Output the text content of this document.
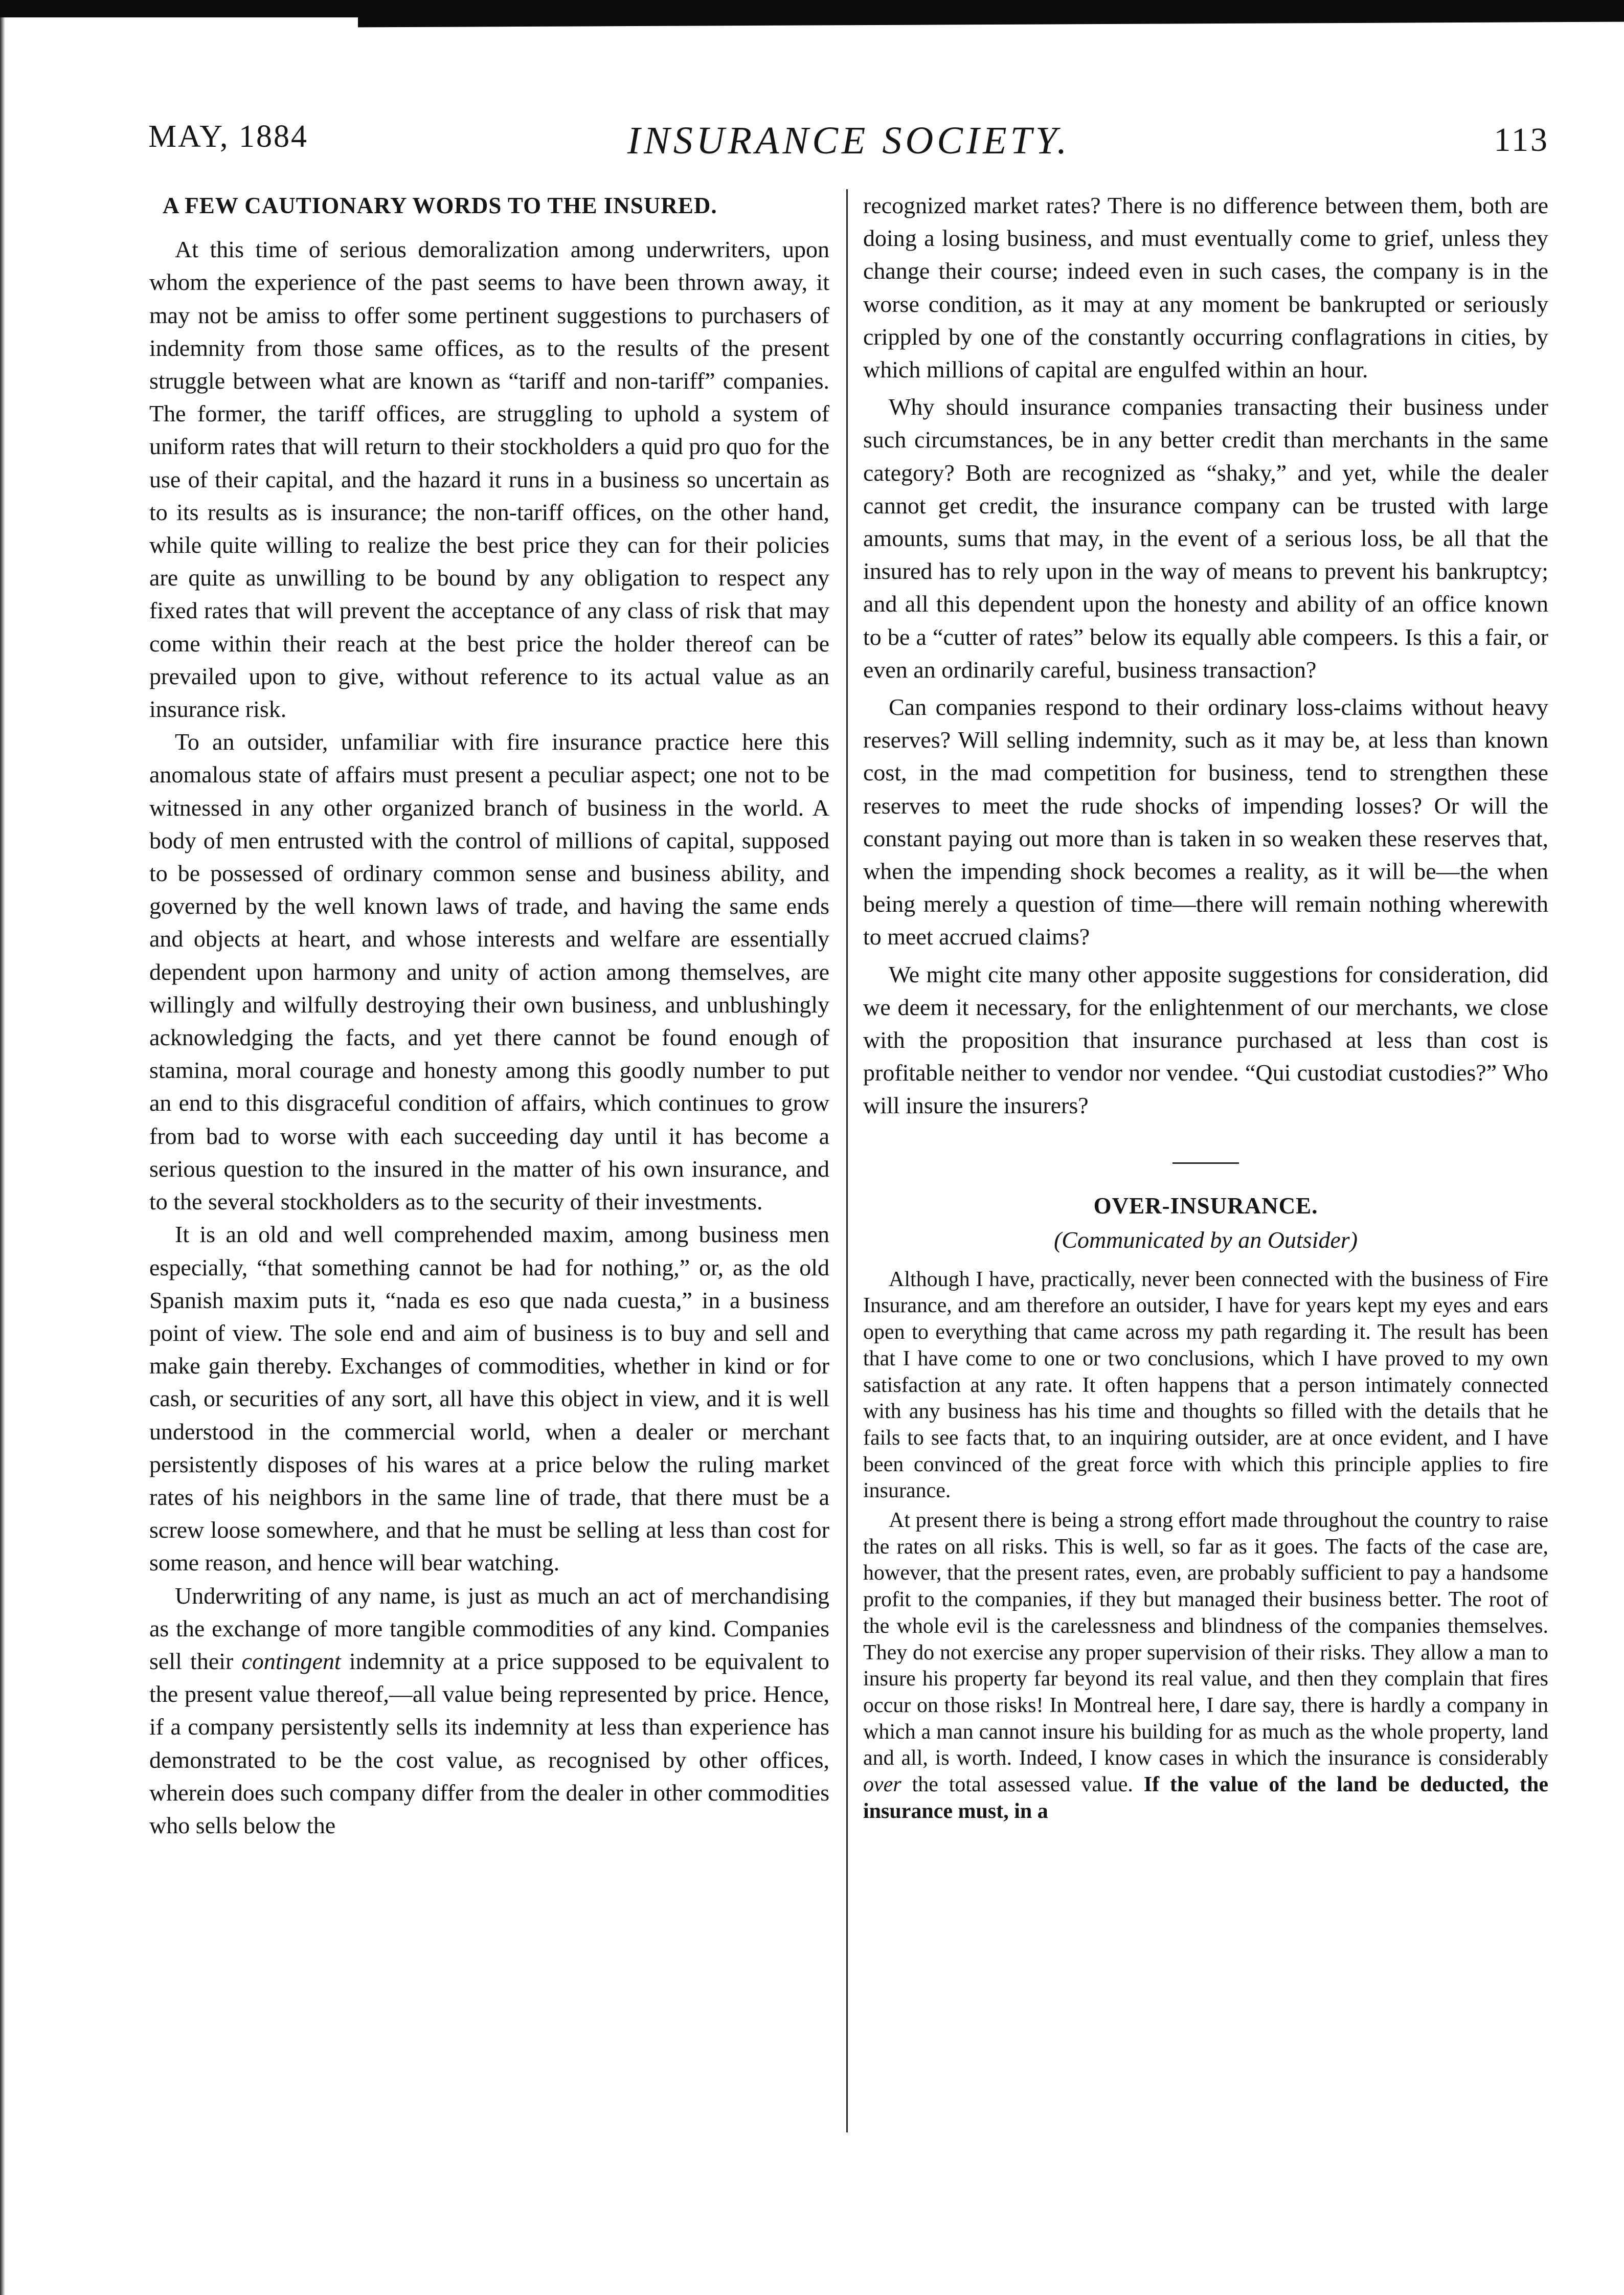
MAY, 1884	INSURANCE SOCIETY.	113
A FEW CAUTIONARY WORDS TO THE INSURED.

At this time of serious demoralization among underwriters, upon whom the experience of the past seems to have been thrown away, it may not be amiss to offer some pertinent suggestions to purchasers of indemnity from those same offices, as to the results of the present struggle between what are known as “tariff and non-tariff” companies. The former, the tariff offices, are struggling to uphold a system of uniform rates that will return to their stockholders a quid pro quo for the use of their capital, and the hazard it runs in a business so uncertain as to its results as is insurance; the non-tariff offices, on the other hand, while quite willing to realize the best price they can for their policies are quite as unwilling to be bound by any obligation to respect any fixed rates that will prevent the acceptance of any class of risk that may come within their reach at the best price the holder thereof can be prevailed upon to give, without reference to its actual value as an insurance risk.

To an outsider, unfamiliar with fire insurance practice here this anomalous state of affairs must present a peculiar aspect; one not to be witnessed in any other organized branch of business in the world. A body of men entrusted with the control of millions of capital, supposed to be possessed of ordinary common sense and business ability, and governed by the well known laws of trade, and having the same ends and objects at heart, and whose interests and welfare are essentially dependent upon harmony and unity of action among themselves, are willingly and wilfully destroying their own business, and unblushingly acknowledging the facts, and yet there cannot be found enough of stamina, moral courage and honesty among this goodly number to put an end to this disgraceful condition of affairs, which continues to grow from bad to worse with each succeeding day until it has become a serious question to the insured in the matter of his own insurance, and to the several stockholders as to the security of their investments.

It is an old and well comprehended maxim, among business men especially, “that something cannot be had for nothing,” or, as the old Spanish maxim puts it, “nada es eso que nada cuesta,” in a business point of view. The sole end and aim of business is to buy and sell and make gain thereby. Exchanges of commodities, whether in kind or for cash, or securities of any sort, all have this object in view, and it is well understood in the commercial world, when a dealer or merchant persistently disposes of his wares at a price below the ruling market rates of his neighbors in the same line of trade, that there must be a screw loose somewhere, and that he must be selling at less than cost for some reason, and hence will bear watching.

Underwriting of any name, is just as much an act of merchandising as the exchange of more tangible commodities of any kind. Companies sell their contingent indemnity at a price supposed to be equivalent to the present value thereof,—all value being represented by price. Hence, if a company persistently sells its indemnity at less than experience has demonstrated to be the cost value, as recognised by other offices, wherein does such company differ from the dealer in other commodities who sells below the

recognized market rates? There is no difference between them, both are doing a losing business, and must eventually come to grief, unless they change their course; indeed even in such cases, the company is in the worse condition, as it may at any moment be bankrupted or seriously crippled by one of the constantly occurring conflagrations in cities, by which millions of capital are engulfed within an hour.

Why should insurance companies transacting their business under such circumstances, be in any better credit than merchants in the same category? Both are recognized as “shaky,” and yet, while the dealer cannot get credit, the insurance company can be trusted with large amounts, sums that may, in the event of a serious loss, be all that the insured has to rely upon in the way of means to prevent his bankruptcy; and all this dependent upon the honesty and ability of an office known to be a “cutter of rates” below its equally able compeers. Is this a fair, or even an ordinarily careful, business transaction?

Can companies respond to their ordinary loss-claims without heavy reserves? Will selling indemnity, such as it may be, at less than known cost, in the mad competition for business, tend to strengthen these reserves to meet the rude shocks of impending losses? Or will the constant paying out more than is taken in so weaken these reserves that, when the impending shock becomes a reality, as it will be—the when being merely a question of time—there will remain nothing wherewith to meet accrued claims?

We might cite many other apposite suggestions for consideration, did we deem it necessary, for the enlightenment of our merchants, we close with the proposition that insurance purchased at less than cost is profitable neither to vendor nor vendee. “Qui custodiat custodies?” Who will insure the insurers?

OVER-INSURANCE.
(Communicated by an Outsider)

Although I have, practically, never been connected with the business of Fire Insurance, and am therefore an outsider, I have for years kept my eyes and ears open to everything that came across my path regarding it. The result has been that I have come to one or two conclusions, which I have proved to my own satisfaction at any rate. It often happens that a person intimately connected with any business has his time and thoughts so filled with the details that he fails to see facts that, to an inquiring outsider, are at once evident, and I have been convinced of the great force with which this principle applies to fire insurance.

At present there is being a strong effort made throughout the country to raise the rates on all risks. This is well, so far as it goes. The facts of the case are, however, that the present rates, even, are probably sufficient to pay a handsome profit to the companies, if they but managed their business better. The root of the whole evil is the carelessness and blindness of the companies themselves. They do not exercise any proper supervision of their risks. They allow a man to insure his property far beyond its real value, and then they complain that fires occur on those risks! In Montreal here, I dare say, there is hardly a company in which a man cannot insure his building for as much as the whole property, land and all, is worth. Indeed, I know cases in which the insurance is considerably over the total assessed value. If the value of the land be deducted, the insurance must, in a
